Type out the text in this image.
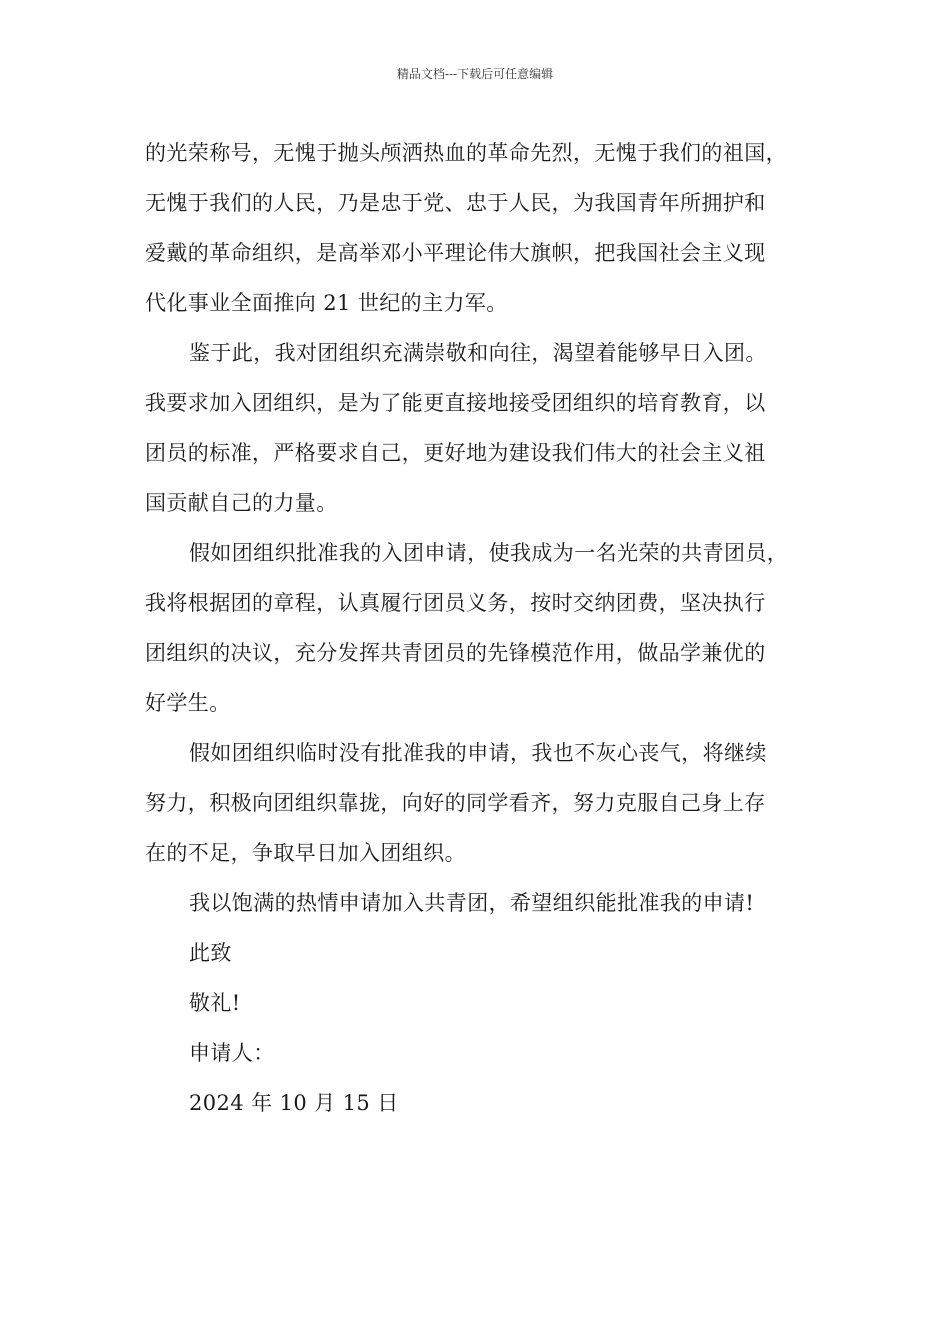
精品文档---下载后可任意编辑

的光荣称号，无愧于抛头颅洒热血的革命先烈，无愧于我们的祖国，
无愧于我们的人民，乃是忠于党、忠于人民，为我国青年所拥护和
爱戴的革命组织，是高举邓小平理论伟大旗帜，把我国社会主义现
代化事业全面推向 21 世纪的主力军。

鉴于此，我对团组织充满崇敬和向往，渴望着能够早日入团。
我要求加入团组织，是为了能更直接地接受团组织的培育教育，以
团员的标准，严格要求自己，更好地为建设我们伟大的社会主义祖
国贡献自己的力量。

假如团组织批准我的入团申请，使我成为一名光荣的共青团员，
我将根据团的章程，认真履行团员义务，按时交纳团费，坚决执行
团组织的决议，充分发挥共青团员的先锋模范作用，做品学兼优的
好学生。

假如团组织临时没有批准我的申请，我也不灰心丧气，将继续
努力，积极向团组织靠拢，向好的同学看齐，努力克服自己身上存
在的不足，争取早日加入团组织。

我以饱满的热情申请加入共青团，希望组织能批准我的申请!
此致
敬礼!
申请人：
2024 年 10 月 15 日
